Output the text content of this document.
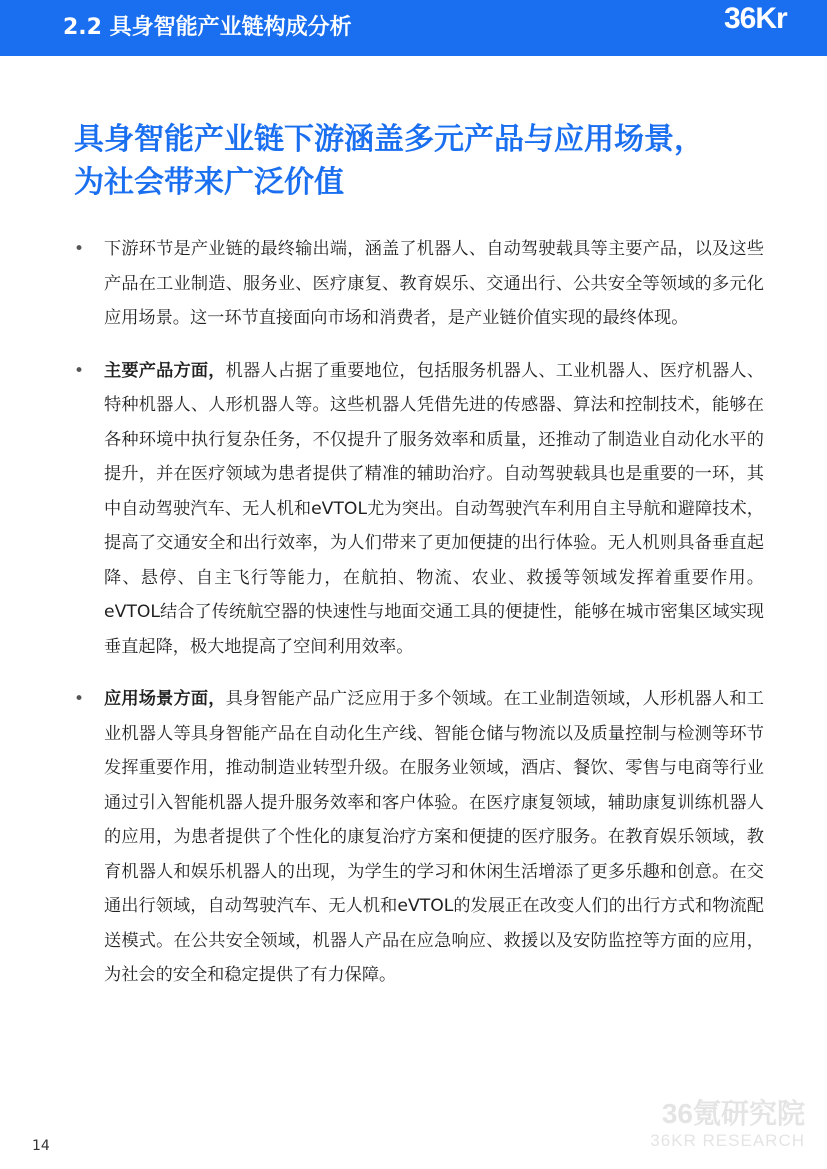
2.2 具身智能产业链构成分析	36Kr
具身智能产业链下游涵盖多元产品与应用场景，
为社会带来广泛价值
• 下游环节是产业链的最终输出端，涵盖了机器人、自动驾驶载具等主要产品，以及这些产品在工业制造、服务业、医疗康复、教育娱乐、交通出行、公共安全等领域的多元化应用场景。这一环节直接面向市场和消费者，是产业链价值实现的最终体现。
• 主要产品方面，机器人占据了重要地位，包括服务机器人、工业机器人、医疗机器人、特种机器人、人形机器人等。这些机器人凭借先进的传感器、算法和控制技术，能够在各种环境中执行复杂任务，不仅提升了服务效率和质量，还推动了制造业自动化水平的提升，并在医疗领域为患者提供了精准的辅助治疗。自动驾驶载具也是重要的一环，其中自动驾驶汽车、无人机和eVTOL尤为突出。自动驾驶汽车利用自主导航和避障技术，提高了交通安全和出行效率，为人们带来了更加便捷的出行体验。无人机则具备垂直起降、悬停、自主飞行等能力，在航拍、物流、农业、救援等领域发挥着重要作用。eVTOL结合了传统航空器的快速性与地面交通工具的便捷性，能够在城市密集区域实现垂直起降，极大地提高了空间利用效率。
• 应用场景方面，具身智能产品广泛应用于多个领域。在工业制造领域，人形机器人和工业机器人等具身智能产品在自动化生产线、智能仓储与物流以及质量控制与检测等环节发挥重要作用，推动制造业转型升级。在服务业领域，酒店、餐饮、零售与电商等行业通过引入智能机器人提升服务效率和客户体验。在医疗康复领域，辅助康复训练机器人的应用，为患者提供了个性化的康复治疗方案和便捷的医疗服务。在教育娱乐领域，教育机器人和娱乐机器人的出现，为学生的学习和休闲生活增添了更多乐趣和创意。在交通出行领域，自动驾驶汽车、无人机和eVTOL的发展正在改变人们的出行方式和物流配送模式。在公共安全领域，机器人产品在应急响应、救援以及安防监控等方面的应用，为社会的安全和稳定提供了有力保障。
14
36氪研究院
36KR RESEARCH
